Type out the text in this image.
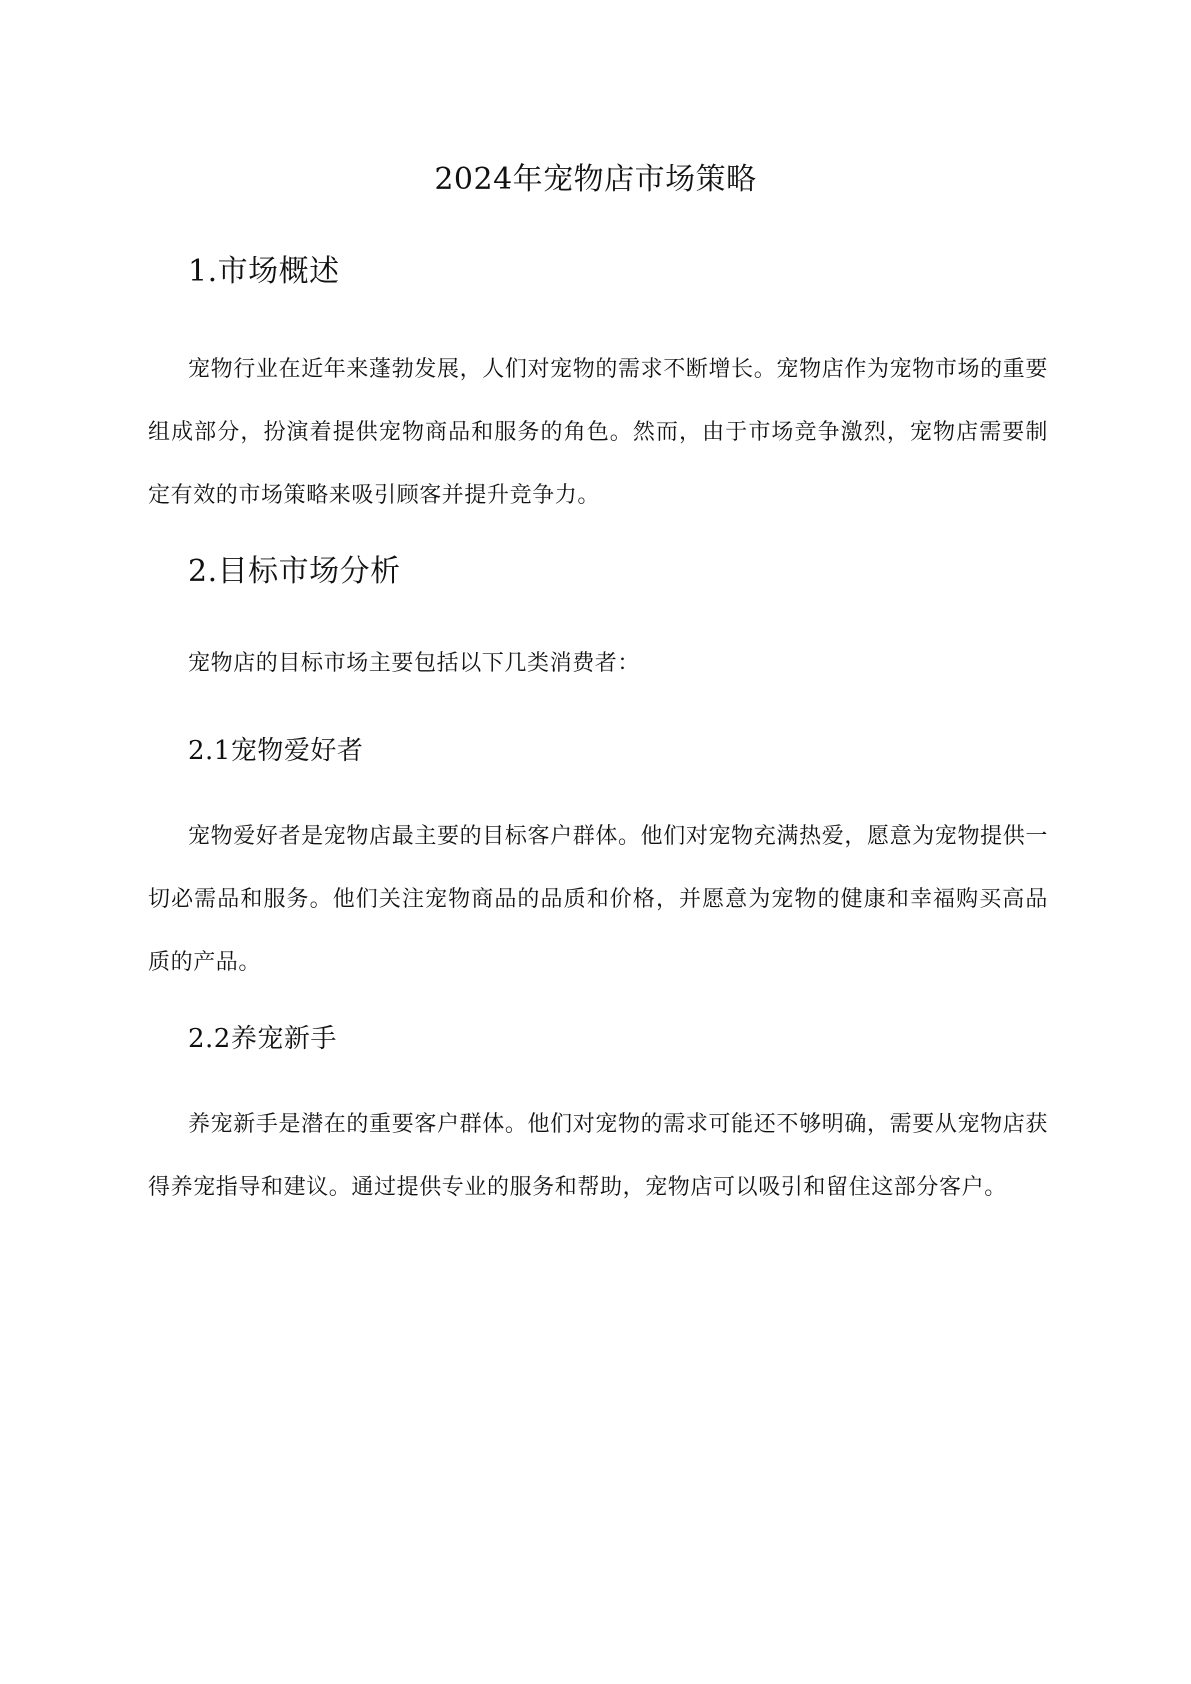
2024年宠物店市场策略
1.市场概述

宠物行业在近年来蓬勃发展，人们对宠物的需求不断增长。宠物店作为宠物市场的重要组成部分，扮演着提供宠物商品和服务的角色。然而，由于市场竞争激烈，宠物店需要制定有效的市场策略来吸引顾客并提升竞争力。

2.目标市场分析

宠物店的目标市场主要包括以下几类消费者：

2.1宠物爱好者

宠物爱好者是宠物店最主要的目标客户群体。他们对宠物充满热爱，愿意为宠物提供一切必需品和服务。他们关注宠物商品的品质和价格，并愿意为宠物的健康和幸福购买高品质的产品。

2.2养宠新手

养宠新手是潜在的重要客户群体。他们对宠物的需求可能还不够明确，需要从宠物店获得养宠指导和建议。通过提供专业的服务和帮助，宠物店可以吸引和留住这部分客户。
